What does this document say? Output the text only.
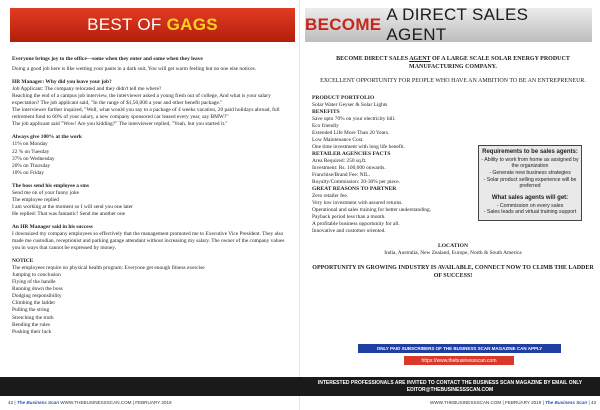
BEST OF GAGS

Everyone brings joy to the office—some when they enter and some when they leave

Doing a good job here is like wetting your pants in a dark suit, You will get warm feeling but no one else notices.

HR Manager: Why did you leave your job?

Job Applicant: The company relocated and they didn't tell me where?

Reaching the end of a campus job interview, the interviewer asked a young fresh out of college, And what is your salary expectation? The job applicant said, "In the range of $1,50,000 a year and other benefit package."

The interviewer further inquired, "Well, what would you say to a package of 4 weeks vacation, 20 paid holidays abroad, full retirement fund to 60% of your salary, a new company sponsored car leased every year, say BMW?"

The job applicant said "Wow! Are you kidding?" The interviewer replied, "Yeah, but you started it."

Always give 100% at the work

11% on Monday

22 % on Tuesday

37% on Wednesday

20% on Thursday

10% on Friday

The boss send his employee a sms

Send me on of your funny joke

The employee replied

I am working at the moment so I will send you one later

He replied: That was fantastic! Send me another one

An HR Manager said in his success

I downsized my company employees so effectively that the management promoted me to Executive Vice President. They also made me custodian, receptionist and parking garage attendant without increasing my salary. The owner of the company values you in ways that cannot be expressed by money.

NOTICE

The employees require no physical health program: Everyone get enough fitness exercise

Jumping to conclusion

Flying of the handle

Running down the boss

Dodging responsibility

Climbing the ladder

Pulling the string

Stretching the truth

Bending the rules

Pushing their luck

42 | The Business Scan WWW.THEBUSINESSSCAN.COM | FEBRUARY 2019
BECOME
A DIRECT SALES AGENT

BECOME DIRECT SALES AGENT OF A LARGE SCALE SOLAR ENERGY PRODUCT MANUFACTURING COMPANY.

EXCELLENT OPPORTUNITY FOR PEOPLE WHO HAVE AN AMBITION TO BE AN ENTREPRENEUR.

PRODUCT PORTFOLIO

Solar Water Geyser & Solar Lights

BENEFITS

Save upto 70% on your electricity bill.

Eco friendly

Extended Life More Than 20 Years.

Low Maintenance Cost.

One time investment with long life benefit.

RETAILER AGENCIES FACTS

Area Required: 250 sq.ft.

Investment: Rs. 100,000 onwards.

Franchise/Brand Fee: NIL.

Royalty/Commission: 20-30% per piece.

GREAT REASONS TO PARTNER

Zero retailer fee.

Very low investment with assured returns.

Operational and sales training for better understanding.

Payback period less than a month.

A profitable business opportunity for all.

Innovative and customer oriented.

LOCATION

India, Australia, New Zealand, Europe, North & South America

OPPORTUNITY IN GROWING INDUSTRY IS AVAILABLE, CONNECT NOW TO CLIMB THE LADDER OF SUCCESS!

Requirements to be sales agents:
- Ability to work from home as assigned by the organization
- Generate new business strategies
- Solar product selling experience will be preferred
What sales agents will get:
- Commission on every sales
- Sales leads and virtual training support
ONLY PAID SUBSCRIBERS OF THE BUSINESS SCAN MAGAZINE CAN APPLY
https://www.thebusinessscan.com
WWW.THEBUSINESSSCAN.COM | FEBRUARY 2019 | The Business Scan | 43
INTERESTED PROFESSIONALS ARE INVITED TO CONTACT THE BUSINESS SCAN MAGAZINE BY EMAIL ONLY
EDITOR@THEBUSINESSSCAN.COM
